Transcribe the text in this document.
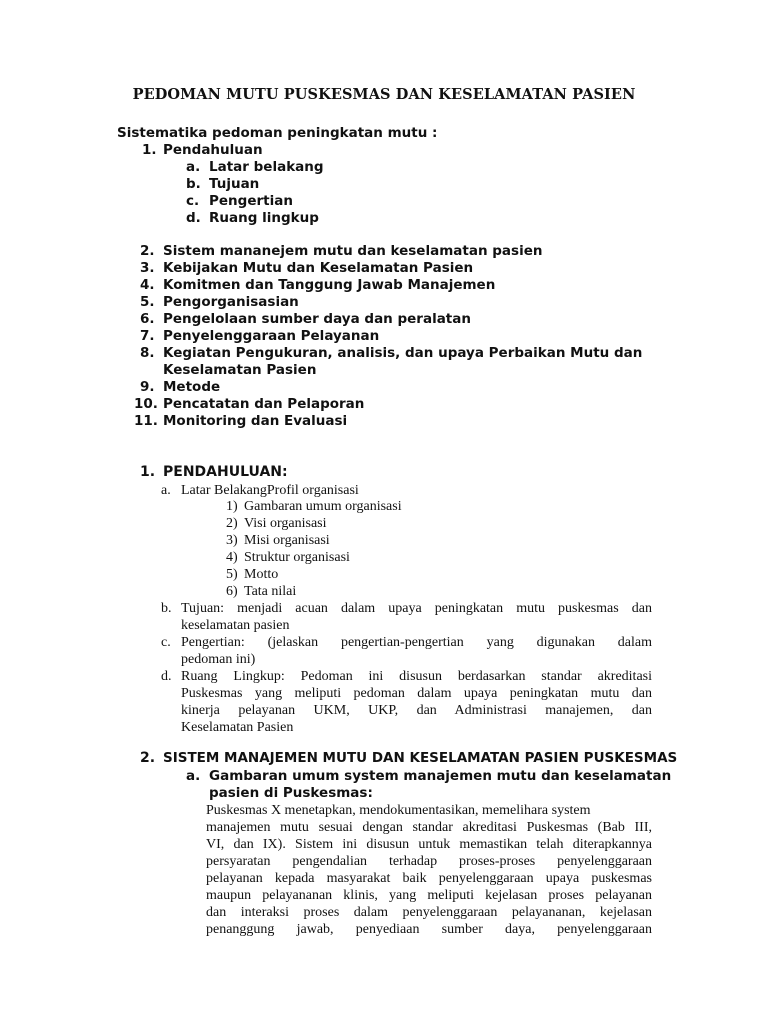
PEDOMAN MUTU PUSKESMAS DAN KESELAMATAN PASIEN
Sistematika pedoman peningkatan mutu :
1. Pendahuluan
a. Latar belakang
b. Tujuan
c. Pengertian
d. Ruang lingkup
2. Sistem mananejem mutu dan keselamatan pasien
3. Kebijakan Mutu dan Keselamatan Pasien
4. Komitmen dan Tanggung Jawab Manajemen
5. Pengorganisasian
6. Pengelolaan sumber daya dan peralatan
7. Penyelenggaraan Pelayanan
8. Kegiatan Pengukuran, analisis, dan upaya Perbaikan Mutu dan
Keselamatan Pasien
9. Metode
10. Pencatatan dan Pelaporan
11. Monitoring dan Evaluasi
1. PENDAHULUAN:
a. Latar BelakangProfil organisasi
1) Gambaran umum organisasi
2) Visi organisasi
3) Misi organisasi
4) Struktur organisasi
5) Motto
6) Tata nilai
b. Tujuan: menjadi acuan dalam upaya peningkatan mutu puskesmas dan
keselamatan pasien
c. Pengertian: (jelaskan pengertian-pengertian yang digunakan dalam
pedoman ini)
d. Ruang Lingkup: Pedoman ini disusun berdasarkan standar akreditasi
Puskesmas yang meliputi pedoman dalam upaya peningkatan mutu dan
kinerja pelayanan UKM, UKP, dan Administrasi manajemen, dan
Keselamatan Pasien
2. SISTEM MANAJEMEN MUTU DAN KESELAMATAN PASIEN PUSKESMAS
a. Gambaran umum system manajemen mutu dan keselamatan
pasien di Puskesmas:
Puskesmas X menetapkan, mendokumentasikan, memelihara system
manajemen mutu sesuai dengan standar akreditasi Puskesmas (Bab III,
VI, dan IX). Sistem ini disusun untuk memastikan telah diterapkannya
persyaratan pengendalian terhadap proses-proses penyelenggaraan
pelayanan kepada masyarakat baik penyelenggaraan upaya puskesmas
maupun pelayananan klinis, yang meliputi kejelasan proses pelayanan
dan interaksi proses dalam penyelenggaraan pelayananan, kejelasan
penanggung jawab, penyediaan sumber daya, penyelenggaraan
